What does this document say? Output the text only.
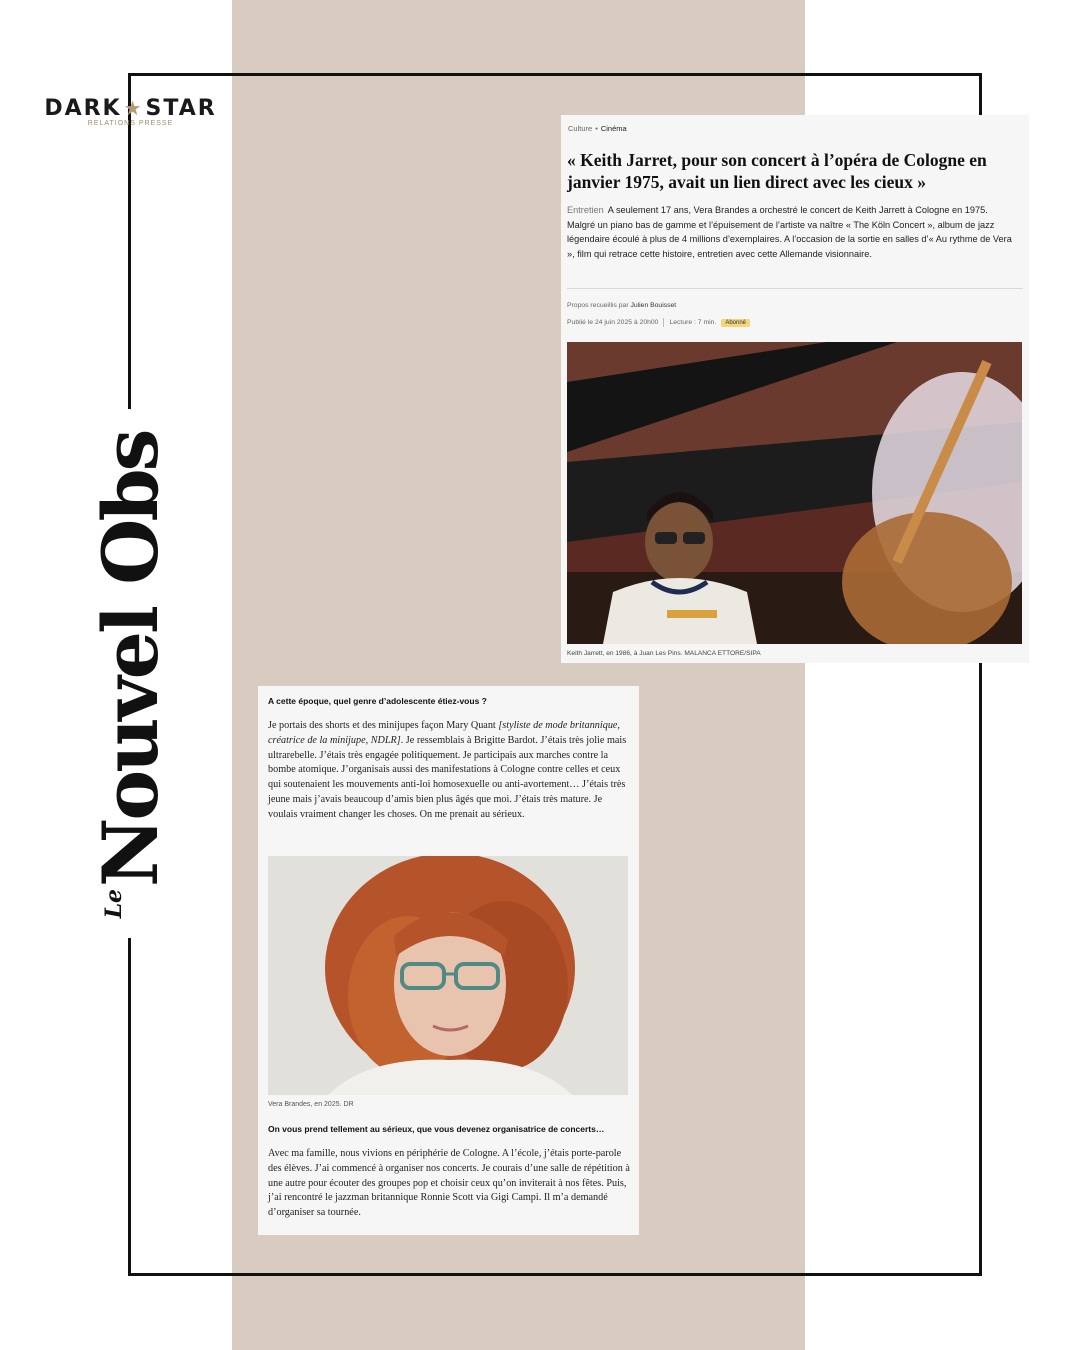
DARK ★STAR
RELATIONS PRESSE
Le
Nouvel Obs
Culture • Cinéma
« Keith Jarret, pour son concert à l’opéra de Cologne en janvier 1975, avait un lien direct avec les cieux »
Entretien A seulement 17 ans, Vera Brandes a orchestré le concert de Keith Jarrett à Cologne en 1975. Malgré un piano bas de gamme et l’épuisement de l’artiste va naître « The Köln Concert », album de jazz légendaire écoulé à plus de 4 millions d’exemplaires. A l’occasion de la sortie en salles d’« Au rythme de Vera », film qui retrace cette histoire, entretien avec cette Allemande visionnaire.
Propos recueillis par Julien Bouisset
Publié le 24 juin 2025 à 20h00 Lecture : 7 min.	Abonné
Keith Jarrett, en 1986, à Juan Les Pins. MALANCA ETTORE/SIPA
A cette époque, quel genre d’adolescente étiez-vous ?
Je portais des shorts et des minijupes façon Mary Quant [styliste de mode britannique, créatrice de la minijupe, NDLR]. Je ressemblais à Brigitte Bardot. J’étais très jolie mais ultrarebelle. J’étais très engagée politiquement. Je participais aux marches contre la bombe atomique. J’organisais aussi des manifestations à Cologne contre celles et ceux qui soutenaient les mouvements anti-loi homosexuelle ou anti-avortement… J’étais très jeune mais j’avais beaucoup d’amis bien plus âgés que moi. J’étais très mature. Je voulais vraiment changer les choses. On me prenait au sérieux.
Vera Brandes, en 2025. DR
On vous prend tellement au sérieux, que vous devenez organisatrice de concerts…
Avec ma famille, nous vivions en périphérie de Cologne. A l’école, j’étais porte-parole des élèves. J’ai commencé à organiser nos concerts. Je courais d’une salle de répétition à une autre pour écouter des groupes pop et choisir ceux qu’on inviterait à nos fêtes. Puis, j’ai rencontré le jazzman britannique Ronnie Scott via Gigi Campi. Il m’a demandé d’organiser sa tournée.
